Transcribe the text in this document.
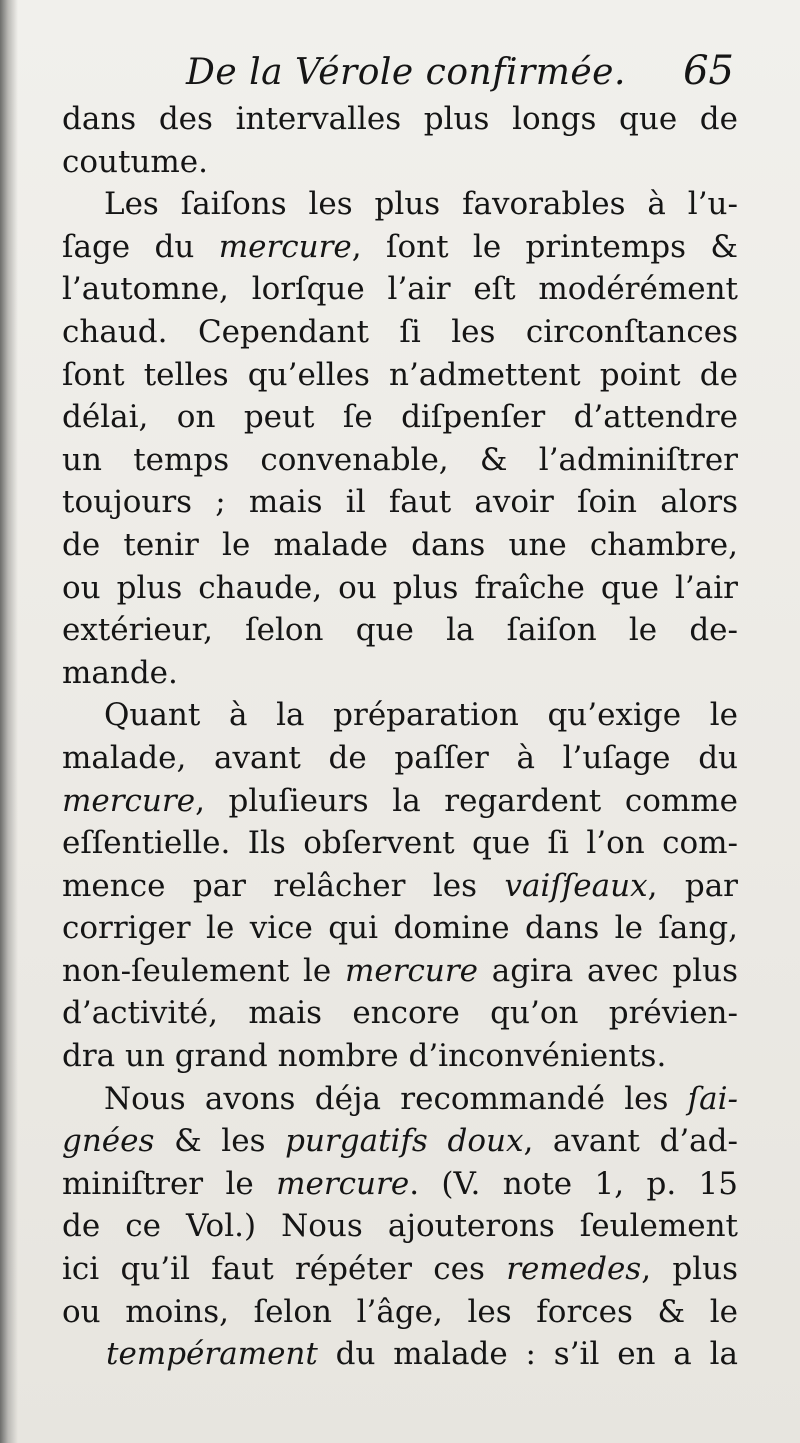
De la Vérole confirmée. 65
dans des intervalles plus longs que de
coutume.
Les ſaiſons les plus favorables à l’u-
ſage du mercure, ſont le printemps &
l’automne, lorſque l’air eſt modérément
chaud. Cependant ſi les circonſtances
ſont telles qu’elles n’admettent point de
délai, on peut ſe diſpenſer d’attendre
un temps convenable, & l’adminiſtrer
toujours ; mais il faut avoir ſoin alors
de tenir le malade dans une chambre,
ou plus chaude, ou plus fraîche que l’air
extérieur, ſelon que la ſaiſon le de-
mande.
Quant à la préparation qu’exige le
malade, avant de paſſer à l’uſage du
mercure, pluſieurs la regardent comme
eſſentielle. Ils obſervent que ſi l’on com-
mence par relâcher les vaiſſeaux, par
corriger le vice qui domine dans le ſang,
non-ſeulement le mercure agira avec plus
d’activité, mais encore qu’on prévien-
dra un grand nombre d’inconvénients.
Nous avons déja recommandé les ſai-
gnées & les purgatifs doux, avant d’ad-
miniſtrer le mercure. (V. note 1, p. 15
de ce Vol.) Nous ajouterons ſeulement
ici qu’il faut répéter ces remedes, plus
ou moins, ſelon l’âge, les forces & le
tempérament du malade : s’il en a la
